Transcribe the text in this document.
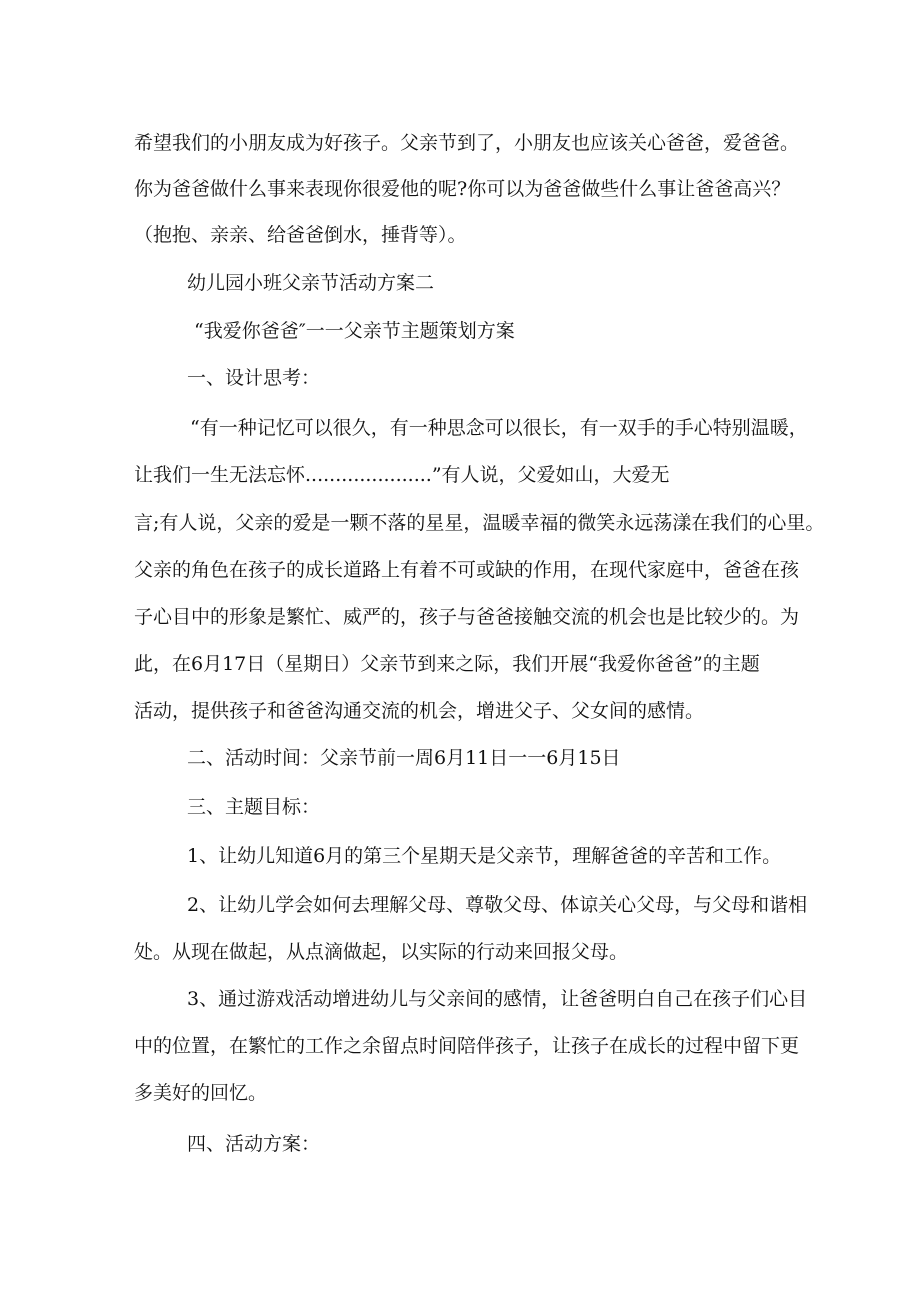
希望我们的小朋友成为好孩子。父亲节到了，小朋友也应该关心爸爸，爱爸爸。
你为爸爸做什么事来表现你很爱他的呢?你可以为爸爸做些什么事让爸爸高兴？
（抱抱、亲亲、给爸爸倒水，捶背等）。
幼儿园小班父亲节活动方案二
“我爱你爸爸″一一父亲节主题策划方案
一、设计思考：
“有一种记忆可以很久，有一种思念可以很长，有一双手的手心特别温暖，
让我们一生无法忘怀.....................”有人说，父爱如山，大爱无
言;有人说，父亲的爱是一颗不落的星星，温暖幸福的微笑永远荡漾在我们的心里。
父亲的角色在孩子的成长道路上有着不可或缺的作用，在现代家庭中，爸爸在孩
子心目中的形象是繁忙、威严的，孩子与爸爸接触交流的机会也是比较少的。为
此，在6月17日（星期日）父亲节到来之际，我们开展“我爱你爸爸”的主题
活动，提供孩子和爸爸沟通交流的机会，增进父子、父女间的感情。
二、活动时间：父亲节前一周6月11日一一6月15日
三、主题目标：
1、让幼儿知道6月的第三个星期天是父亲节，理解爸爸的辛苦和工作。
2、让幼儿学会如何去理解父母、尊敬父母、体谅关心父母，与父母和谐相
处。从现在做起，从点滴做起，以实际的行动来回报父母。
3、通过游戏活动增进幼儿与父亲间的感情，让爸爸明白自己在孩子们心目
中的位置，在繁忙的工作之余留点时间陪伴孩子，让孩子在成长的过程中留下更
多美好的回忆。
四、活动方案：
